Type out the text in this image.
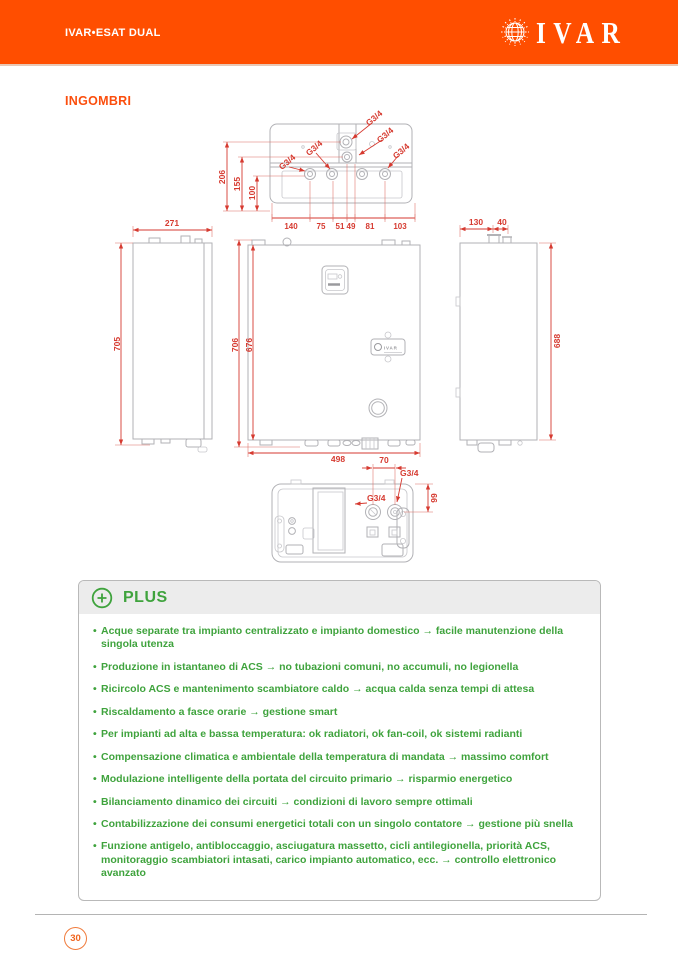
IVAR•ESAT DUAL	IVAR
INGOMBRI
206 155
100
140 75 51 49 81 103
G3/4
G3/4
G3/4
G3/4
G3/4
271
705	IVAR
706 676
498
130 40
688
70
G3/4
G3/4	99
PLUS
• Acque separate tra impianto centralizzato e impianto domestico → facile manutenzione della singola utenza
• Produzione in istantaneo di ACS → no tubazioni comuni, no accumuli, no legionella
• Ricircolo ACS e mantenimento scambiatore caldo → acqua calda senza tempi di attesa
• Riscaldamento a fasce orarie → gestione smart
• Per impianti ad alta e bassa temperatura: ok radiatori, ok fan-coil, ok sistemi radianti
• Compensazione climatica e ambientale della temperatura di mandata → massimo comfort
• Modulazione intelligente della portata del circuito primario → risparmio energetico
• Bilanciamento dinamico dei circuiti → condizioni di lavoro sempre ottimali
• Contabilizzazione dei consumi energetici totali con un singolo contatore → gestione più snella
• Funzione antigelo, antibloccaggio, asciugatura massetto, cicli antilegionella, priorità ACS, monitoraggio scambiatori intasati, carico impianto automatico, ecc. → controllo elettronico avanzato
30
